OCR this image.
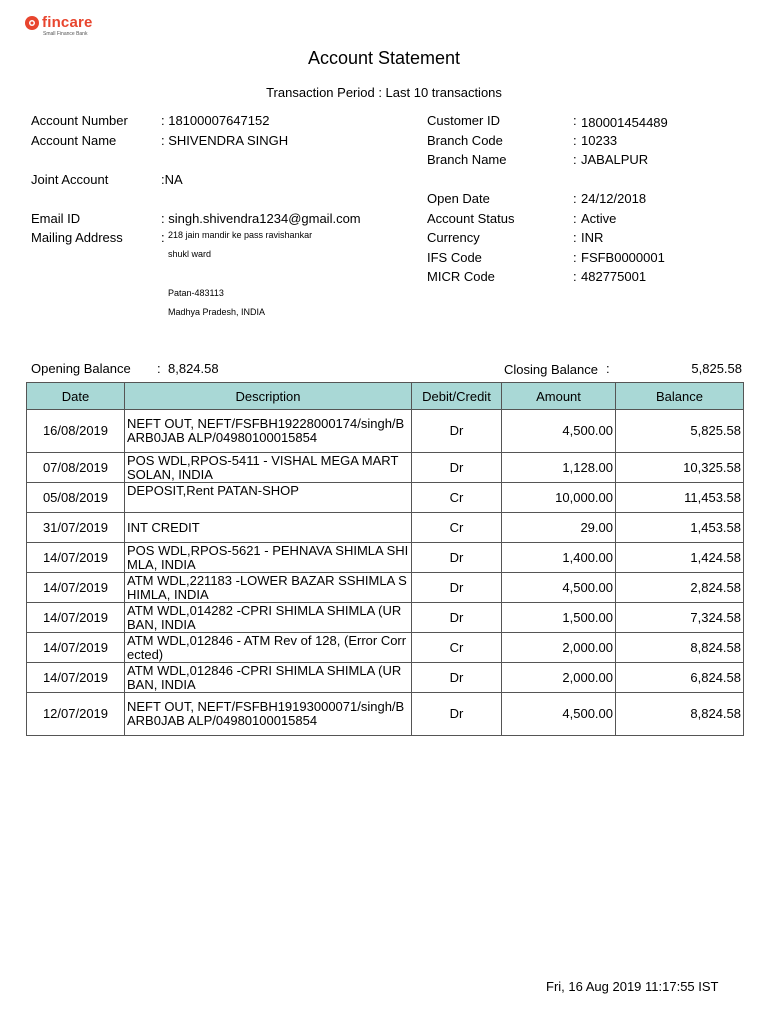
fincare
Small Finance Bank
Account Statement
Transaction Period : Last 10 transactions
Account Number	: 18100007647152
Account Name	: SHIVENDRA SINGH
Joint Account	:NA
Email ID	: singh.shivendra1234@gmail.com
Mailing Address	: 218 jain mandir ke pass ravishankar
shukl ward
Patan-483113
Madhya Pradesh, INDIA
Customer ID	: 180001454489
Branch Code	: 10233
Branch Name	: JABALPUR
Open Date	: 24/12/2018
Account Status	: Active
Currency	: INR
IFS Code	: FSFB0000001
MICR Code	: 482775001
Opening Balance : 8,824.58	Closing Balance :	5,825.58
Date	Description	Debit/Credit	Amount	Balance
16/08/2019	NEFT OUT, NEFT/FSFBH19228000174/singh/BARB0JAB ALP/04980100015854	Dr	4,500.00	5,825.58
07/08/2019	POS WDL,RPOS-5411 - VISHAL MEGA MART SOLAN, INDIA	Dr	1,128.00	10,325.58
05/08/2019	DEPOSIT,Rent PATAN-SHOP	Cr	10,000.00	11,453.58
31/07/2019	INT CREDIT	Cr	29.00	1,453.58
14/07/2019	POS WDL,RPOS-5621 - PEHNAVA SHIMLA SHIMLA, INDIA	Dr	1,400.00	1,424.58
14/07/2019	ATM WDL,221183 -LOWER BAZAR SSHIMLA SHIMLA, INDIA	Dr	4,500.00	2,824.58
14/07/2019	ATM WDL,014282 -CPRI SHIMLA SHIMLA (URBAN, INDIA	Dr	1,500.00	7,324.58
14/07/2019	ATM WDL,012846 - ATM Rev of 128, (Error Corrected)	Cr	2,000.00	8,824.58
14/07/2019	ATM WDL,012846 -CPRI SHIMLA SHIMLA (URBAN, INDIA	Dr	2,000.00	6,824.58
12/07/2019	NEFT OUT, NEFT/FSFBH19193000071/singh/BARB0JAB ALP/04980100015854	Dr	4,500.00	8,824.58
Fri, 16 Aug 2019 11:17:55 IST
